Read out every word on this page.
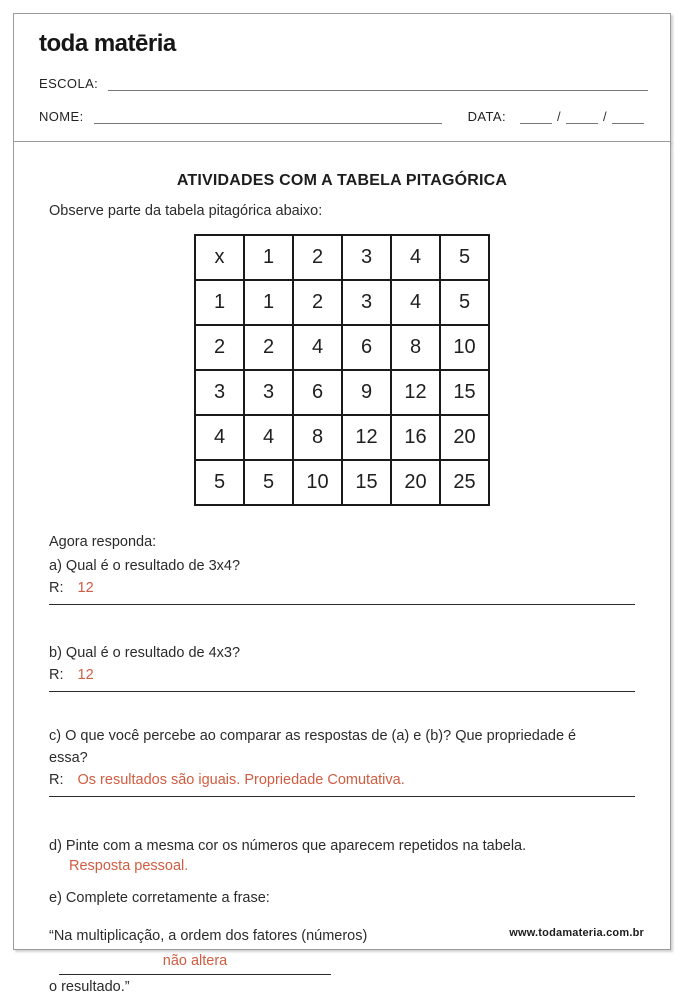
toda matēria
ESCOLA:
NOME:	DATA:	/	/
ATIVIDADES COM A TABELA PITAGÓRICA
Observe parte da tabela pitagórica abaixo:
x	1	2	3	4	5
1	1	2	3	4	5
2	2	4	6	8	10
3	3	6	9	12	15
4	4	8	12	16	20
5	5	10	15	20	25
Agora responda:
a) Qual é o resultado de 3x4?
R: 12
b) Qual é o resultado de 4x3?
R: 12
c) O que você percebe ao comparar as respostas de (a) e (b)? Que propriedade é essa?
R: Os resultados são iguais. Propriedade Comutativa.
d) Pinte com a mesma cor os números que aparecem repetidos na tabela.
Resposta pessoal.
e) Complete corretamente a frase:
“Na multiplicação, a ordem dos fatores (números)não altera
o resultado.”
www.todamateria.com.br
